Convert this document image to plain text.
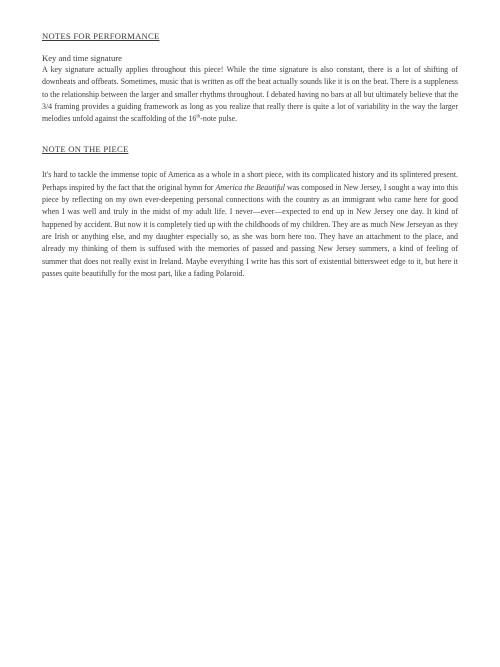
NOTES FOR PERFORMANCE
Key and time signature

A key signature actually applies throughout this piece! While the time signature is also constant, there is a lot of shifting of downbeats and offbeats. Sometimes, music that is written as off the beat actually sounds like it is on the beat. There is a suppleness to the relationship between the larger and smaller rhythms throughout. I debated having no bars at all but ultimately believe that the 3/4 framing provides a guiding framework as long as you realize that really there is quite a lot of variability in the way the larger melodies unfold against the scaffolding of the 16th-note pulse.

NOTE ON THE PIECE

It's hard to tackle the immense topic of America as a whole in a short piece, with its complicated history and its splintered present. Perhaps inspired by the fact that the original hymn for America the Beautiful was composed in New Jersey, I sought a way into this piece by reflecting on my own ever-deepening personal connections with the country as an immigrant who came here for good when I was well and truly in the midst of my adult life. I never—ever—expected to end up in New Jersey one day. It kind of happened by accident. But now it is completely tied up with the childhoods of my children. They are as much New Jerseyan as they are Irish or anything else, and my daughter especially so, as she was born here too. They have an attachment to the place, and already my thinking of them is suffused with the memories of passed and passing New Jersey summers, a kind of feeling of summer that does not really exist in Ireland. Maybe everything I write has this sort of existential bittersweet edge to it, but here it passes quite beautifully for the most part, like a fading Polaroid.
